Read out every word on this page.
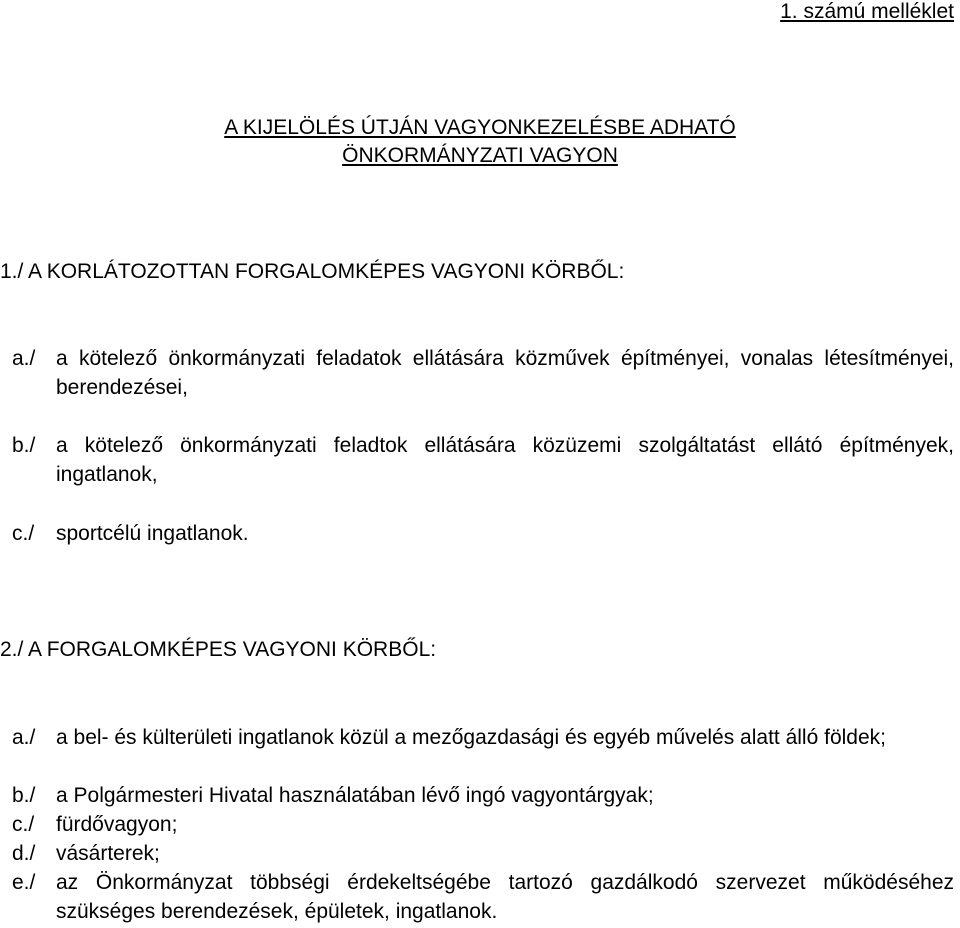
1. számú melléklet
A KIJELÖLÉS ÚTJÁN VAGYONKEZELÉSBE ADHATÓ
ÖNKORMÁNYZATI VAGYON
1./ A KORLÁTOZOTTAN FORGALOMKÉPES VAGYONI KÖRBŐL:
a./ a kötelező önkormányzati feladatok ellátására közművek építményei, vonalas létesítményei, berendezései,
b./ a kötelező önkormányzati feladtok ellátására közüzemi szolgáltatást ellátó építmények, ingatlanok,
c./	sportcélú ingatlanok.
2./ A FORGALOMKÉPES VAGYONI KÖRBŐL:
a./ a bel- és külterületi ingatlanok közül a mezőgazdasági és egyéb művelés alatt álló földek;
b./ a Polgármesteri Hivatal használatában lévő ingó vagyontárgyak;
c./	fürdővagyon;
d./ vásárterek;
e./ az Önkormányzat többségi érdekeltségébe tartozó gazdálkodó szervezet működéséhez szükséges berendezések, épületek, ingatlanok.
